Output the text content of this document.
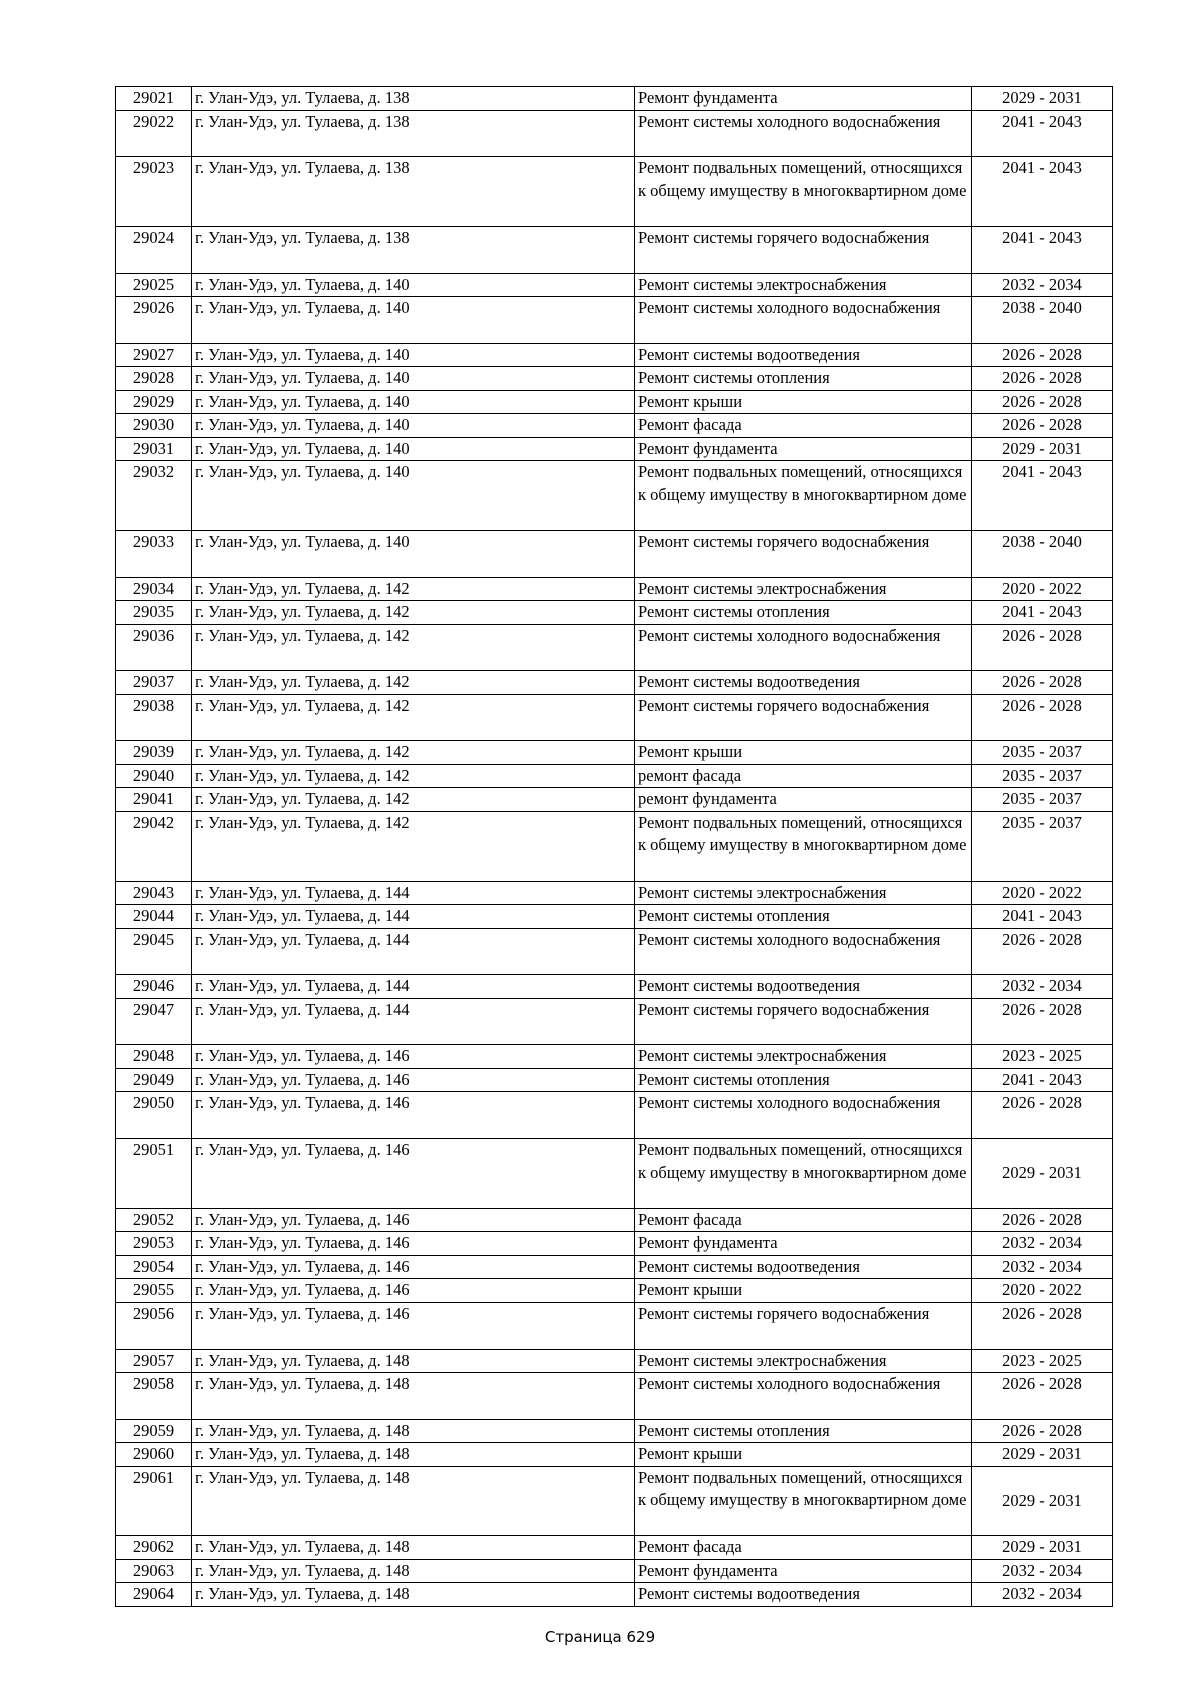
29021	г. Улан-Удэ, ул. Тулаева, д. 138	Ремонт фундамента	2029 - 2031
29022	г. Улан-Удэ, ул. Тулаева, д. 138	Ремонт системы холодного водоснабжения	2041 - 2043
29023	г. Улан-Удэ, ул. Тулаева, д. 138	Ремонт подвальных помещений, относящихся к общему имуществу в многоквартирном доме	2041 - 2043
29024	г. Улан-Удэ, ул. Тулаева, д. 138	Ремонт системы горячего водоснабжения	2041 - 2043
29025	г. Улан-Удэ, ул. Тулаева, д. 140	Ремонт системы электроснабжения	2032 - 2034
29026	г. Улан-Удэ, ул. Тулаева, д. 140	Ремонт системы холодного водоснабжения	2038 - 2040
29027	г. Улан-Удэ, ул. Тулаева, д. 140	Ремонт системы водоотведения	2026 - 2028
29028	г. Улан-Удэ, ул. Тулаева, д. 140	Ремонт системы отопления	2026 - 2028
29029	г. Улан-Удэ, ул. Тулаева, д. 140	Ремонт крыши	2026 - 2028
29030	г. Улан-Удэ, ул. Тулаева, д. 140	Ремонт фасада	2026 - 2028
29031	г. Улан-Удэ, ул. Тулаева, д. 140	Ремонт фундамента	2029 - 2031
29032	г. Улан-Удэ, ул. Тулаева, д. 140	Ремонт подвальных помещений, относящихся к общему имуществу в многоквартирном доме	2041 - 2043
29033	г. Улан-Удэ, ул. Тулаева, д. 140	Ремонт системы горячего водоснабжения	2038 - 2040
29034	г. Улан-Удэ, ул. Тулаева, д. 142	Ремонт системы электроснабжения	2020 - 2022
29035	г. Улан-Удэ, ул. Тулаева, д. 142	Ремонт системы отопления	2041 - 2043
29036	г. Улан-Удэ, ул. Тулаева, д. 142	Ремонт системы холодного водоснабжения	2026 - 2028
29037	г. Улан-Удэ, ул. Тулаева, д. 142	Ремонт системы водоотведения	2026 - 2028
29038	г. Улан-Удэ, ул. Тулаева, д. 142	Ремонт системы горячего водоснабжения	2026 - 2028
29039	г. Улан-Удэ, ул. Тулаева, д. 142	Ремонт крыши	2035 - 2037
29040	г. Улан-Удэ, ул. Тулаева, д. 142	ремонт фасада	2035 - 2037
29041	г. Улан-Удэ, ул. Тулаева, д. 142	ремонт фундамента	2035 - 2037
29042	г. Улан-Удэ, ул. Тулаева, д. 142	Ремонт подвальных помещений, относящихся к общему имуществу в многоквартирном доме	2035 - 2037
29043	г. Улан-Удэ, ул. Тулаева, д. 144	Ремонт системы электроснабжения	2020 - 2022
29044	г. Улан-Удэ, ул. Тулаева, д. 144	Ремонт системы отопления	2041 - 2043
29045	г. Улан-Удэ, ул. Тулаева, д. 144	Ремонт системы холодного водоснабжения	2026 - 2028
29046	г. Улан-Удэ, ул. Тулаева, д. 144	Ремонт системы водоотведения	2032 - 2034
29047	г. Улан-Удэ, ул. Тулаева, д. 144	Ремонт системы горячего водоснабжения	2026 - 2028
29048	г. Улан-Удэ, ул. Тулаева, д. 146	Ремонт системы электроснабжения	2023 - 2025
29049	г. Улан-Удэ, ул. Тулаева, д. 146	Ремонт системы отопления	2041 - 2043
29050	г. Улан-Удэ, ул. Тулаева, д. 146	Ремонт системы холодного водоснабжения	2026 - 2028
29051	г. Улан-Удэ, ул. Тулаева, д. 146	Ремонт подвальных помещений, относящихся к общему имуществу в многоквартирном доме	2029 - 2031
29052	г. Улан-Удэ, ул. Тулаева, д. 146	Ремонт фасада	2026 - 2028
29053	г. Улан-Удэ, ул. Тулаева, д. 146	Ремонт фундамента	2032 - 2034
29054	г. Улан-Удэ, ул. Тулаева, д. 146	Ремонт системы водоотведения	2032 - 2034
29055	г. Улан-Удэ, ул. Тулаева, д. 146	Ремонт крыши	2020 - 2022
29056	г. Улан-Удэ, ул. Тулаева, д. 146	Ремонт системы горячего водоснабжения	2026 - 2028
29057	г. Улан-Удэ, ул. Тулаева, д. 148	Ремонт системы электроснабжения	2023 - 2025
29058	г. Улан-Удэ, ул. Тулаева, д. 148	Ремонт системы холодного водоснабжения	2026 - 2028
29059	г. Улан-Удэ, ул. Тулаева, д. 148	Ремонт системы отопления	2026 - 2028
29060	г. Улан-Удэ, ул. Тулаева, д. 148	Ремонт крыши	2029 - 2031
29061	г. Улан-Удэ, ул. Тулаева, д. 148	Ремонт подвальных помещений, относящихся к общему имуществу в многоквартирном доме	2029 - 2031
29062	г. Улан-Удэ, ул. Тулаева, д. 148	Ремонт фасада	2029 - 2031
29063	г. Улан-Удэ, ул. Тулаева, д. 148	Ремонт фундамента	2032 - 2034
29064	г. Улан-Удэ, ул. Тулаева, д. 148	Ремонт системы водоотведения	2032 - 2034
Страница 629
